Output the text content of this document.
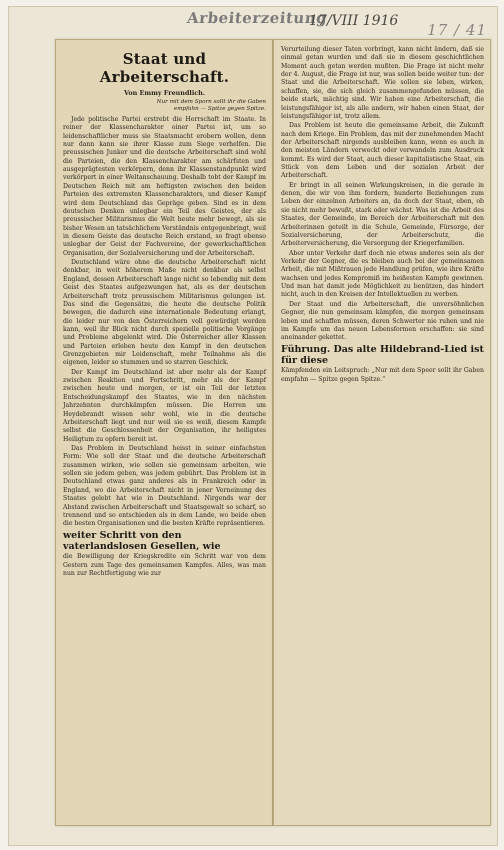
Arbeiterzeitung
17/VIII 1916 17 / 41
Staat und Arbeiterschaft.
Von Emmy Freundlich.
Nur mit dem Sporn sollt ihr die Gaben
empfahn — Spitze gegen Spitze.

Jede politische Partei erstrebt die Herrschaft im Staate. In reiner der Klassencharakter einer Partei ist, um so leidenschaftlicher muss sie Staatsmacht erobern wollen, denn nur dann kann sie ihrer Klasse zum Siege verhelfen. Die preussischen Junker und die deutsche Arbeiterschaft sind wohl die Parteien, die den Klassencharakter am schärfsten und ausgeprägtesten verkörpern, denn ihr Klassenstandpunkt wird verkörpert in einer Weltanschauung. Deshalb tobt der Kampf im Deutschen Reich mit am heftigsten zwischen den beiden Parteien des extremsten Klassencharakters, und dieser Kampf wird dem Deutschland das Gepräge geben. Sind es in dem deutschen Denken unlegbar ein Teil des Geistes, der als preussischer Militarismus die Welt heute mehr bewegt, als sie bisher Wesen an tatsächlichem Verständnis entgegenbringt, weil in diesem Geiste das deutsche Reich erstand, so fragt ebenso unlegbar der Geist der Fachvereine, der gewerkschaftlichen Organisation, der Sozialversicherung und der Arbeiterschaft.

Deutschland wäre ohne die deutsche Arbeiterschaft nicht denkbar, in weit höherem Maße nicht denkbar als selbst England, dessen Arbeiterschaft lange nicht so lebendig mit dem Geist des Staates aufgezwungen hat, als es der deutschen Arbeiterschaft trotz preussischem Militarismus gelungen ist. Das sind die Gegensätze, die heute die deutsche Politik bewegen, die dadurch eine internationale Bedeutung erlangt, die leider nur von den Österreichern voll gewürdigt werden kann, weil ihr Blick nicht durch spezielle politische Vorgänge und Probleme abgelenkt wird. Die Österreicher aller Klassen und Parteien erleben heute den Kampf in den deutschen Grenzgebieten mir Leidenschaft, mehr Teilnahme als die eigenen, leider so stummen und so starren Geschick.

Der Kampf im Deutschland ist aber mehr als der Kampf zwischen Reaktion und Fortschritt, mehr als der Kampf zwischen heute und morgen, er ist ein Teil der letzten Entscheidungskampf des Staates, wie in den nächsten Jahrzehnten durchkämpfen müssen. Die Herren um Heydebrandt wissen sehr wohl, wie in die deutsche Arbeiterschaft liegt und nur weil sie es weiß, diesem Kampfe selbst die Geschlossenheit der Organisation, ihr heiligstes Heiligtum zu opfern bereit ist.

Das Problem in Deutschland heisst in seiner einfachsten Form: Wie soll der Staat und die deutsche Arbeiterschaft zusammen wirken, wie sollen sie gemeinsam arbeiten, wie sollen sie jedem geben, was jedem gebührt. Das Problem ist in Deutschland etwas ganz anderes als in Frankreich oder in England, wo die Arbeiterschaft nicht in jener Verneinung des Staates gelebt hat wie in Deutschland. Nirgends war der Abstand zwischen Arbeiterschaft und Staatsgewalt so scharf, so trennend und so entschieden als in dem Lande, wo beide eben die besten Organisationen und die besten Kräfte repräsentieren.

weiter Schritt von den vaterlandslosen Gesellen, wie

die Bewilligung der Kriegskredite ein Schritt war von dem Gestern zum Tage des gemeinsamen Kampfes. Alles, was man nun zur Rechtfertigung wie zur

Verurteilung dieser Taten vorbringt, kann nicht ändern, daß sie einmal getan wurden und daß sie in diesem geschichtlichen Moment auch getan werden mußten. Die Frage ist nicht mehr der 4. August, die Frage ist nur, was sollen beide weiter tun: der Staat und die Arbeiterschaft. Wie sollen sie leben, wirken, schaffen, sie, die sich gleich zusammengefunden müssen, die beide stark, mächtig sind. Wir haben eine Arbeiterschaft, die leistungsfähiger ist, als alle andern, wir haben einen Staat, der leistungsfähiger ist, trotz allem.

Das Problem ist heute die gemeinsame Arbeit, die Zukunft nach dem Kriege. Ein Problem, das mit der zunehmenden Macht der Arbeiterschaft nirgends ausbleiben kann, wenn es auch in den meisten Ländern verweckt oder verwandeln zum Ausdruck kommt. Es wird der Staat, auch dieser kapitalistische Staat, ein Stück von dem Leben und der sozialen Arbeit der Arbeiterschaft.

Er bringt in all seinen Wirkungskreisen, in die gerade in denen, die wir von ihm fordern, hunderte Beziehungen zum Leben der einzelnen Arbeiters an, da doch der Staat, eben, ob sie nicht mehr bewußt, stark oder wächst. Was ist die Arbeit des Staates, der Gemeinde, im Bereich der Arbeiterschaft mit den Arbeiterinnen geteilt in die Schule, Gemeinde, Fürsorge, der Sozialversicherung, der Arbeiterschutz, die Arbeiterversicherung, die Versorgung der Kriegerfamilien.

Aber unter Verkehr darf doch nie etwas anderes sein als der Verkehr der Gegner, die es bleiben auch bei der gemeinsamen Arbeit, die mit Mißtrauen jede Handlung prüfen, wie ihre Kräfte wachsen und jedes Kompromiß im heißesten Kampfe gewinnen. Und man hat damit jede Möglichkeit zu benützen, das hindert nicht, auch in den Kreisen der Intellektuellen zu werben.

Der Staat und die Arbeiterschaft, die unversöhnlichen Gegner, die nun gemeinsam kämpfen, die morgen gemeinsam leben und schaffen müssen, deren Schwerter nie ruhen und nie im Kampfe um das neuen Lebensformen erschaffen: sie sind aneinander gekettet.

Führung. Das alte Hildebrand-Lied ist für diese

Kämpfenden ein Leitspruch: „Nur mit dem Speer sollt ihr Gaben empfahn — Spitze gegen Spitze.“
